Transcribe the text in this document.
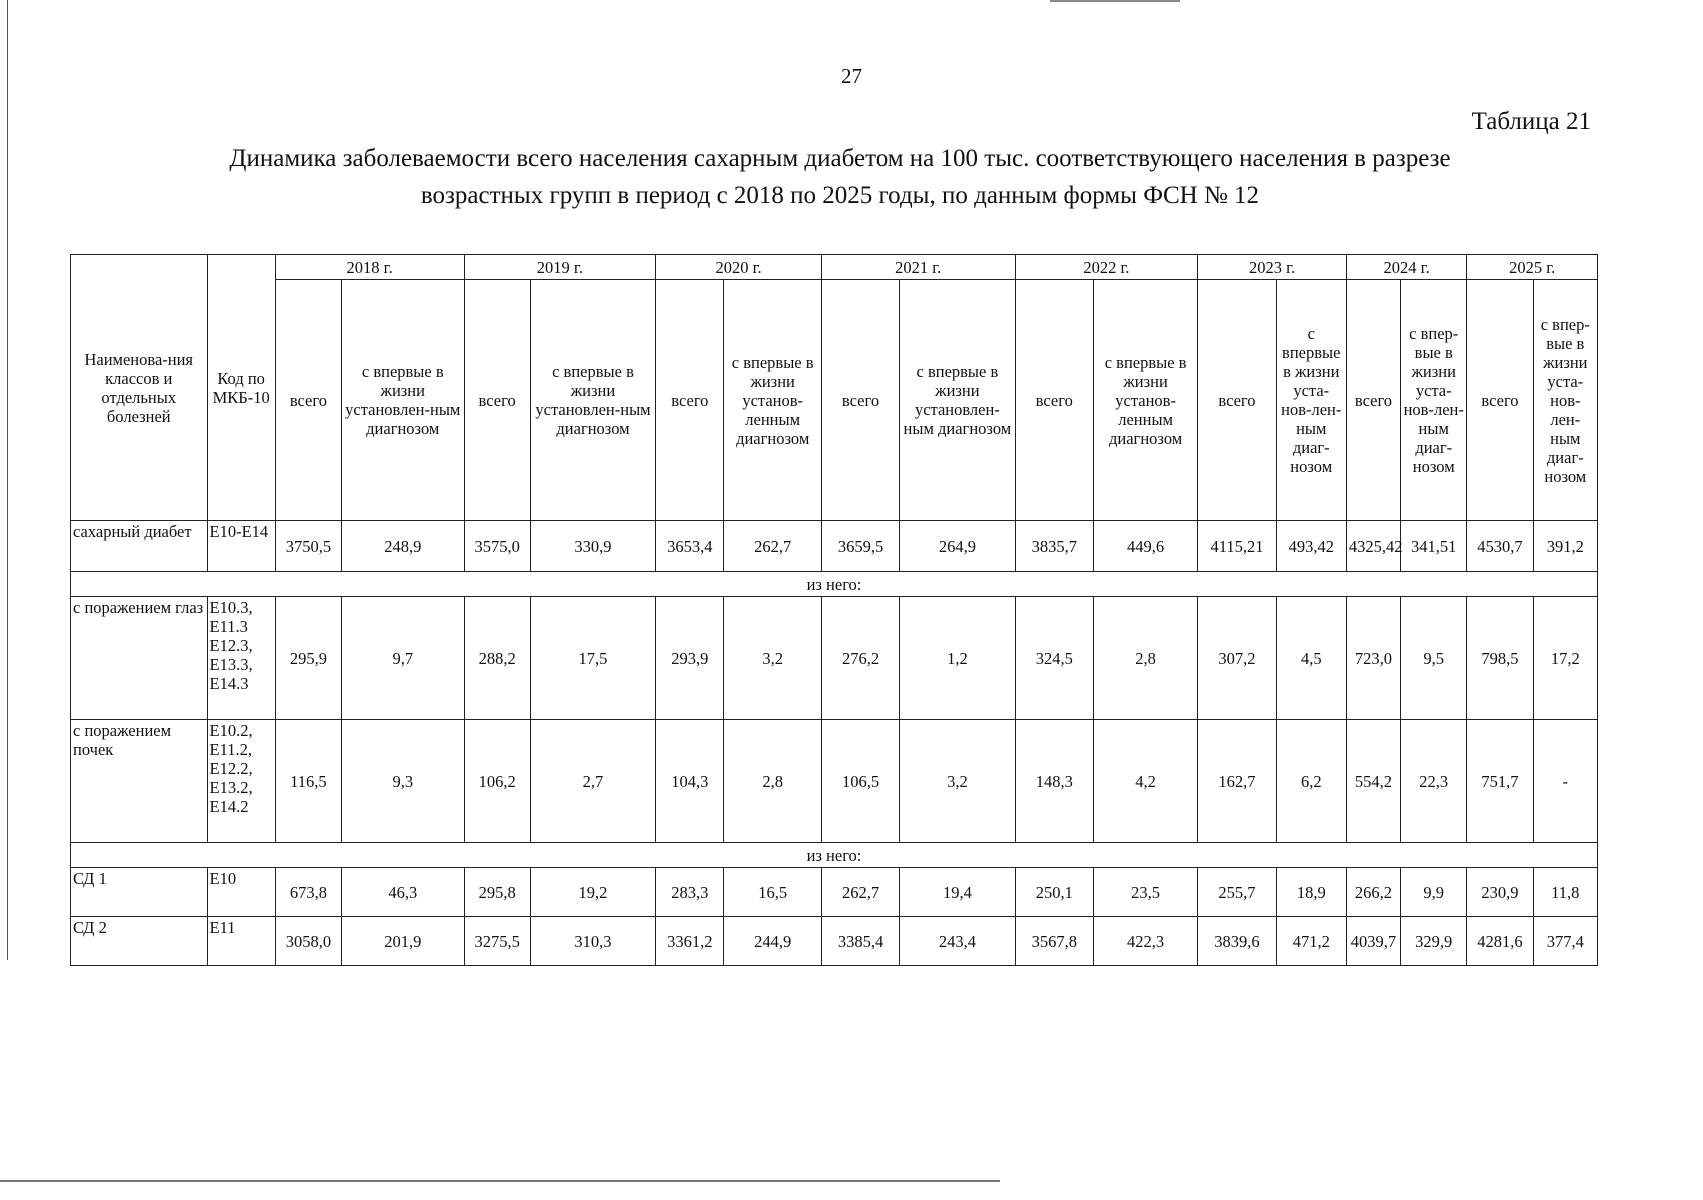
27
Таблица 21
Динамика заболеваемости всего населения сахарным диабетом на 100 тыс. соответствующего населения в разрезе
возрастных групп в период с 2018 по 2025 годы, по данным формы ФСН № 12
Наименова-ния классов и отдельных болезней	Код по МКБ-10	2018 г.		2019 г.		2020 г.		2021 г.		2022 г.		2023 г.		2024 г.		2025 г.	
		всего	с впервые в жизни установлен-ным диагнозом	всего	с впервые в жизни установлен-ным диагнозом	всего	с впервые в жизни установ-ленным диагнозом	всего	с впервые в жизни установлен-ным диагнозом	всего	с впервые в жизни установ-ленным диагнозом	всего	с впервые в жизни уста-нов-лен-ным диаг-нозом	всего	с впер-вые в жизни уста-нов-лен-ным диаг-нозом	всего	с впер-вые в жизни уста-нов-лен-ным диаг-нозом
сахарный диабет	Е10-Е14	3750,5	248,9	3575,0	330,9	3653,4	262,7	3659,5	264,9	3835,7	449,6	4115,21	493,42	4325,42	341,51	4530,7	391,2
из него:																	
с поражением глаз	Е10.3, Е11.3 Е12.3, Е13.3, Е14.3	295,9	9,7	288,2	17,5	293,9	3,2	276,2	1,2	324,5	2,8	307,2	4,5	723,0	9,5	798,5	17,2
с поражением почек	Е10.2, Е11.2, Е12.2, Е13.2, Е14.2	116,5	9,3	106,2	2,7	104,3	2,8	106,5	3,2	148,3	4,2	162,7	6,2	554,2	22,3	751,7	-
из него:																	
СД 1	Е10	673,8	46,3	295,8	19,2	283,3	16,5	262,7	19,4	250,1	23,5	255,7	18,9	266,2	9,9	230,9	11,8
СД 2	Е11	3058,0	201,9	3275,5	310,3	3361,2	244,9	3385,4	243,4	3567,8	422,3	3839,6	471,2	4039,7	329,9	4281,6	377,4
